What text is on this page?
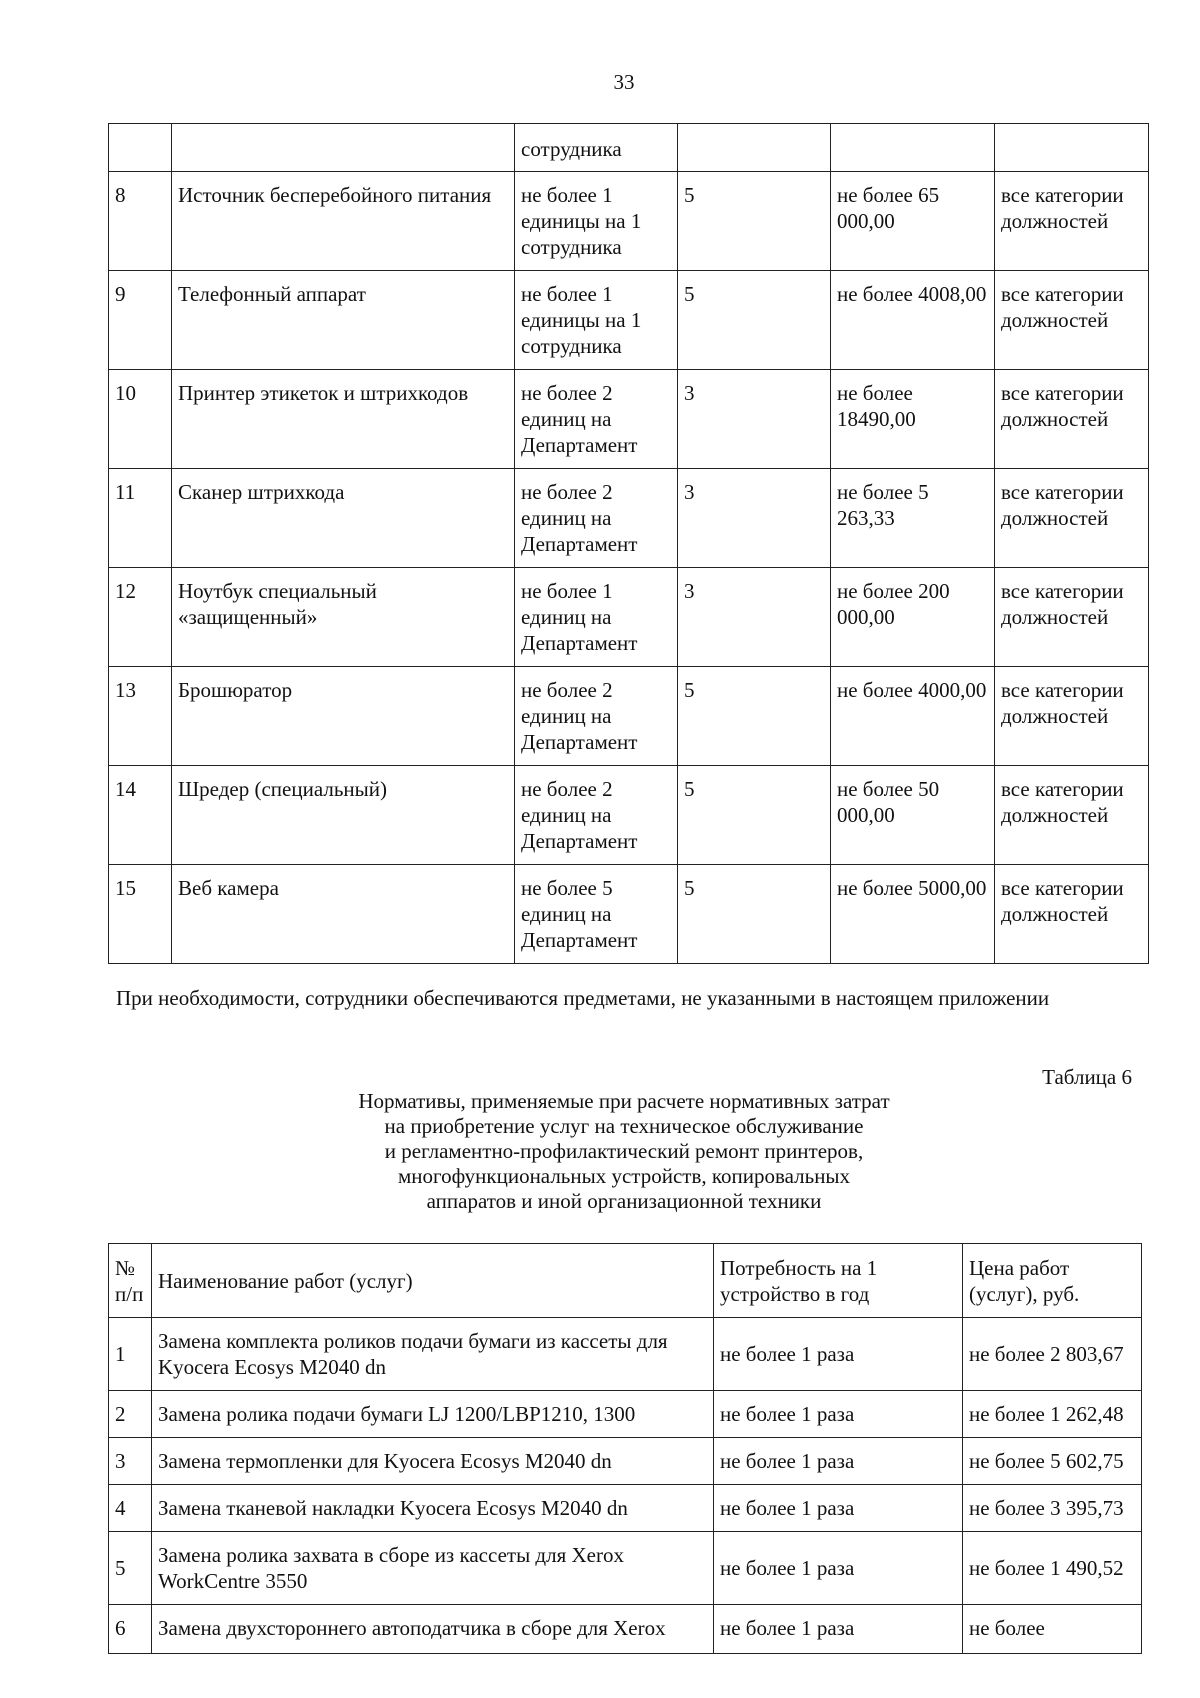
33
		сотрудника			
8	Источник бесперебойного питания	не более 1 единицы на 1 сотрудника	5	не более 65 000,00	все категории должностей
9	Телефонный аппарат	не более 1 единицы на 1 сотрудника	5	не более 4008,00	все категории должностей
10	Принтер этикеток и штрихкодов	не более 2 единиц на Департамент	3	не более 18490,00	все категории должностей
11	Сканер штрихкода	не более 2 единиц на Департамент	3	не более 5 263,33	все категории должностей
12	Ноутбук специальный «защищенный»	не более 1 единиц на Департамент	3	не более 200 000,00	все категории должностей
13	Брошюратор	не более 2 единиц на Департамент	5	не более 4000,00	все категории должностей
14	Шредер (специальный)	не более 2 единиц на Департамент	5	не более 50 000,00	все категории должностей
15	Веб камера	не более 5 единиц на Департамент	5	не более 5000,00	все категории должностей
При необходимости, сотрудники обеспечиваются предметами, не указанными в настоящем приложении
Таблица 6
Нормативы, применяемые при расчете нормативных затрат
на приобретение услуг на техническое обслуживание
и регламентно-профилактический ремонт принтеров,
многофункциональных устройств, копировальных
аппаратов и иной организационной техники
№ п/п	Наименование работ (услуг)	Потребность на 1 устройство в год	Цена работ (услуг), руб.
1	Замена комплекта роликов подачи бумаги из кассеты для Kyocera Ecosys M2040 dn	не более 1 раза	не более 2 803,67
2	Замена ролика подачи бумаги LJ 1200/LBP1210, 1300	не более 1 раза	не более 1 262,48
3	Замена термопленки для Kyocera Ecosys M2040 dn	не более 1 раза	не более 5 602,75
4	Замена тканевой накладки Kyocera Ecosys M2040 dn	не более 1 раза	не более 3 395,73
5	Замена ролика захвата в сборе из кассеты для Xerox WorkCentre 3550	не более 1 раза	не более 1 490,52
6	Замена двухстороннего автоподатчика в сборе для Xerox	не более 1 раза	не более
